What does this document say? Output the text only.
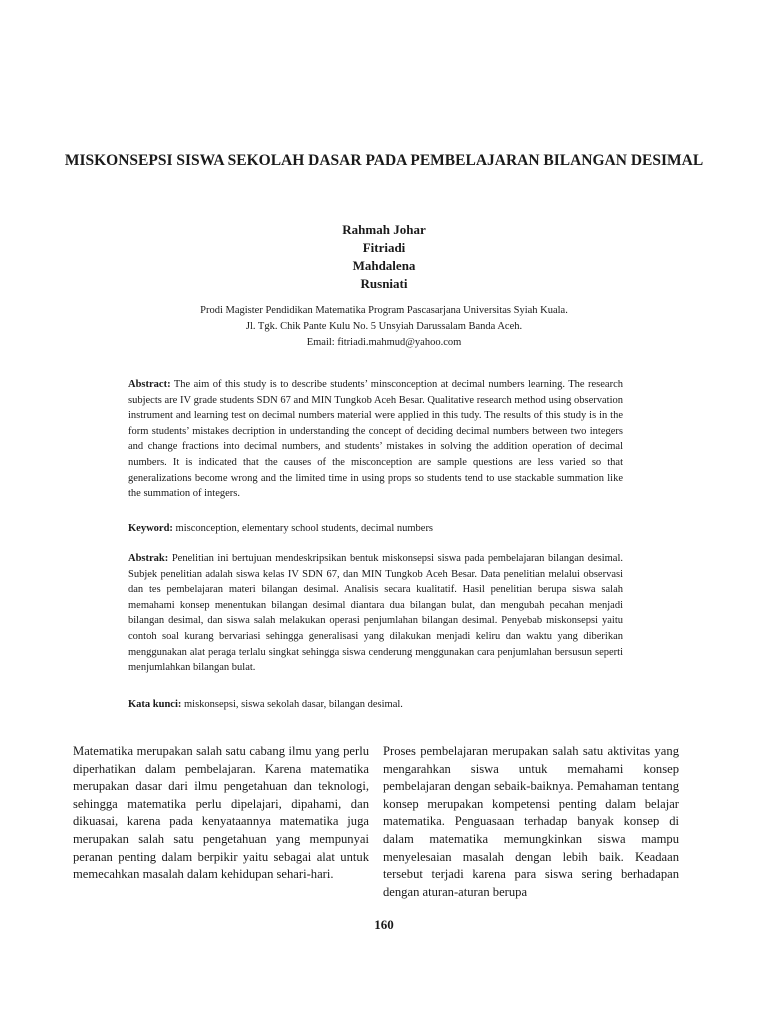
MISKONSEPSI SISWA SEKOLAH DASAR PADA PEMBELAJARAN BILANGAN DESIMAL
Rahmah Johar
Fitriadi
Mahdalena
Rusniati
Prodi Magister Pendidikan Matematika Program Pascasarjana Universitas Syiah Kuala.
Jl. Tgk. Chik Pante Kulu No. 5 Unsyiah Darussalam Banda Aceh.
Email: fitriadi.mahmud@yahoo.com

Abstract: The aim of this study is to describe students’ minsconception at decimal numbers learning. The research subjects are IV grade students SDN 67 and MIN Tungkob Aceh Besar. Qualitative research method using observation instrument and learning test on decimal numbers material were applied in this tudy. The results of this study is in the form students’ mistakes decription in understanding the concept of deciding decimal numbers between two integers and change fractions into decimal numbers, and students’ mistakes in solving the addition operation of decimal numbers. It is indicated that the causes of the misconception are sample questions are less varied so that generalizations become wrong and the limited time in using props so students tend to use stackable summation like the summation of integers.

Keyword: misconception, elementary school students, decimal numbers

Abstrak: Penelitian ini bertujuan mendeskripsikan bentuk miskonsepsi siswa pada pembelajaran bilangan desimal. Subjek penelitian adalah siswa kelas IV SDN 67, dan MIN Tungkob Aceh Besar. Data penelitian melalui observasi dan tes pembelajaran materi bilangan desimal. Analisis secara kualitatif. Hasil penelitian berupa siswa salah memahami konsep menentukan bilangan desimal diantara dua bilangan bulat, dan mengubah pecahan menjadi bilangan desimal, dan siswa salah melakukan operasi penjumlahan bilangan desimal. Penyebab miskonsepsi yaitu contoh soal kurang bervariasi sehingga generalisasi yang dilakukan menjadi keliru dan waktu yang diberikan menggunakan alat peraga terlalu singkat sehingga siswa cenderung menggunakan cara penjumlahan bersusun seperti menjumlahkan bilangan bulat.

Kata kunci: miskonsepsi, siswa sekolah dasar, bilangan desimal.

Matematika merupakan salah satu cabang ilmu yang perlu diperhatikan dalam pembelajaran. Karena matematika merupakan dasar dari ilmu pengetahuan dan teknologi, sehingga matematika perlu dipelajari, dipahami, dan dikuasai, karena pada kenyataannya matematika juga merupakan salah satu pengetahuan yang mempunyai peranan penting dalam berpikir yaitu sebagai alat untuk memecahkan masalah dalam kehidupan sehari-hari.

Proses pembelajaran merupakan salah satu aktivitas yang mengarahkan siswa untuk memahami konsep pembelajaran dengan sebaik-baiknya. Pemahaman tentang konsep merupakan kompetensi penting dalam belajar matematika. Penguasaan terhadap banyak konsep di dalam matematika memungkinkan siswa mampu menyelesaian masalah dengan lebih baik. Keadaan tersebut terjadi karena para siswa sering berhadapan dengan aturan-aturan berupa

160
